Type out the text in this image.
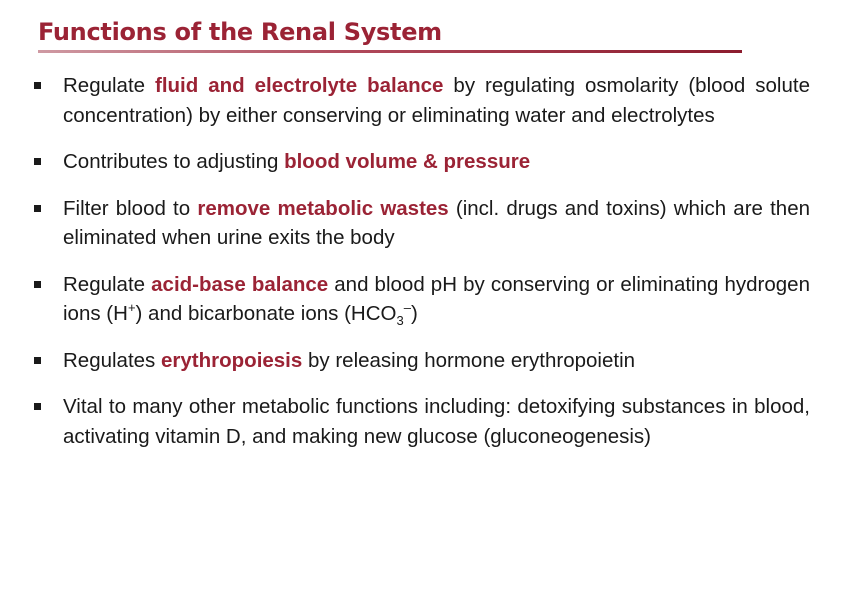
Functions of the Renal System
Regulate fluid and electrolyte balance by regulating osmolarity (blood solute concentration) by either conserving or eliminating water and electrolytes
Contributes to adjusting blood volume & pressure
Filter blood to remove metabolic wastes (incl. drugs and toxins) which are then eliminated when urine exits the body
Regulate acid-base balance and blood pH by conserving or eliminating hydrogen ions (H+) and bicarbonate ions $(HCO_3^-)$
Regulates erythropoiesis by releasing hormone erythropoietin
Vital to many other metabolic functions including: detoxifying substances in blood, activating vitamin D, and making new glucose (gluconeogenesis)
